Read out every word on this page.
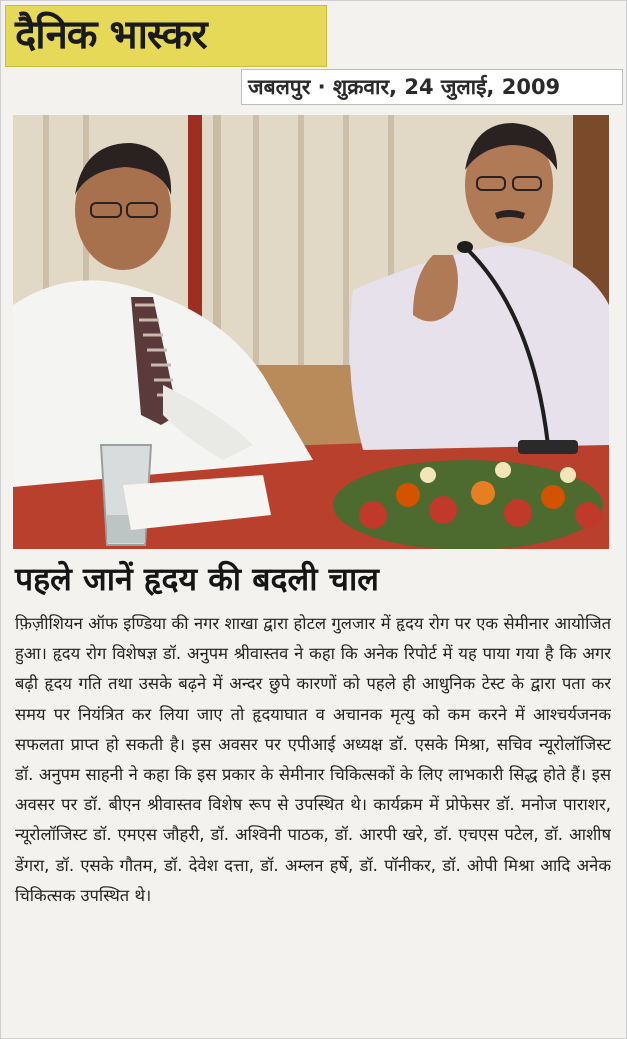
दैनिक भास्कर
जबलपुर · शुक्रवार, 24 जुलाई, 2009
पहले जानें हृदय की बदली चाल
फ़िज़ीशियन ऑफ इण्डिया की नगर शाखा द्वारा होटल गुलजार में हृदय रोग पर एक सेमीनार आयोजित हुआ। हृदय रोग विशेषज्ञ डॉ. अनुपम श्रीवास्तव ने कहा कि अनेक रिपोर्ट में यह पाया गया है कि अगर बढ़ी हृदय गति तथा उसके बढ़ने में अन्दर छुपे कारणों को पहले ही आधुनिक टेस्ट के द्वारा पता कर समय पर नियंत्रित कर लिया जाए तो हृदयाघात व अचानक मृत्यु को कम करने में आश्चर्यजनक सफलता प्राप्त हो सकती है। इस अवसर पर एपीआई अध्यक्ष डॉ. एसके मिश्रा, सचिव न्यूरोलॉजिस्ट डॉ. अनुपम साहनी ने कहा कि इस प्रकार के सेमीनार चिकित्सकों के लिए लाभकारी सिद्ध होते हैं। इस अवसर पर डॉ. बीएन श्रीवास्तव विशेष रूप से उपस्थित थे। कार्यक्रम में प्रोफेसर डॉ. मनोज पाराशर, न्यूरोलॉजिस्ट डॉ. एमएस जौहरी, डॉ. अश्विनी पाठक, डॉ. आरपी खरे, डॉ. एचएस पटेल, डॉ. आशीष डेंगरा, डॉ. एसके गौतम, डॉ. देवेश दत्ता, डॉ. अम्लन हर्षे, डॉ. पॉनीकर, डॉ. ओपी मिश्रा आदि अनेक चिकित्सक उपस्थित थे।
